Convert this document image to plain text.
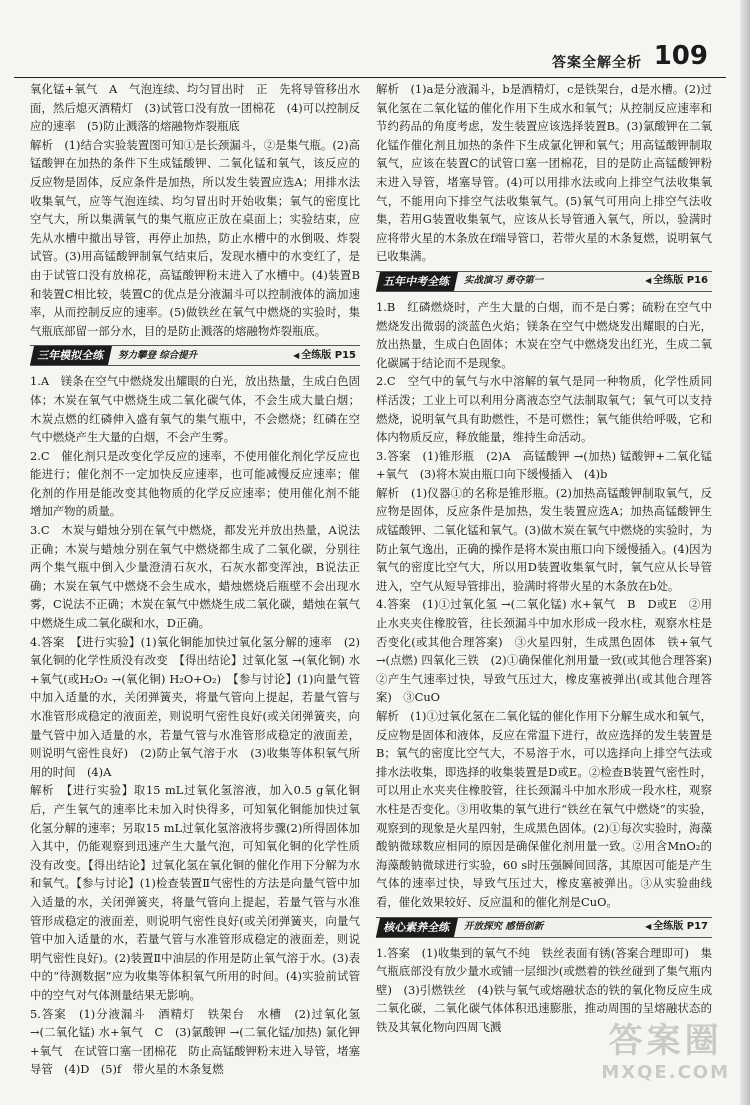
答案全解全析 109

氧化锰+氧气　A　气泡连续、均匀冒出时　正　先将导管移出水面，然后熄灭酒精灯　(3)试管口没有放一团棉花　(4)可以控制反应的速率　(5)防止溅落的熔融物炸裂瓶底

解析　(1)结合实验装置图可知①是长颈漏斗，②是集气瓶。(2)高锰酸钾在加热的条件下生成锰酸钾、二氧化锰和氧气，该反应的反应物是固体，反应条件是加热，所以发生装置应选A；用排水法收集氧气，应等气泡连续、均匀冒出时开始收集；氧气的密度比空气大，所以集满氧气的集气瓶应正放在桌面上；实验结束，应先从水槽中撤出导管，再停止加热，防止水槽中的水倒吸、炸裂试管。(3)用高锰酸钾制氧气结束后，发现水槽中的水变红了，是由于试管口没有放棉花，高锰酸钾粉末进入了水槽中。(4)装置B和装置C相比较，装置C的优点是分液漏斗可以控制液体的滴加速率，从而控制反应的速率。(5)做铁丝在氧气中燃烧的实验时，集气瓶底部留一部分水，目的是防止溅落的熔融物炸裂瓶底。

三年模拟全练	努力攀登 综合提升	◀ 全练版 P15

1.A　镁条在空气中燃烧发出耀眼的白光，放出热量，生成白色固体；木炭在氧气中燃烧生成二氧化碳气体，不会生成大量白烟；木炭点燃的红磷伸入盛有氧气的集气瓶中，不会燃烧；红磷在空气中燃烧产生大量的白烟，不会产生雾。

2.C　催化剂只是改变化学反应的速率，不使用催化剂化学反应也能进行；催化剂不一定加快反应速率，也可能减慢反应速率；催化剂的作用是能改变其他物质的化学反应速率；使用催化剂不能增加产物的质量。

3.C　木炭与蜡烛分别在氧气中燃烧，都发光并放出热量，A说法正确；木炭与蜡烛分别在氧气中燃烧都生成了二氧化碳，分别往两个集气瓶中倒入少量澄清石灰水，石灰水都变浑浊，B说法正确；木炭在氧气中燃烧不会生成水，蜡烛燃烧后瓶壁不会出现水雾，C说法不正确；木炭在氧气中燃烧生成二氧化碳，蜡烛在氧气中燃烧生成二氧化碳和水，D正确。

4.答案　【进行实验】(1)氧化铜能加快过氧化氢分解的速率　(2)氧化铜的化学性质没有改变　【得出结论】过氧化氢 →(氧化铜) 水+氧气(或H₂O₂ →(氧化铜) H₂O+O₂)　【参与讨论】(1)向量气管中加入适量的水，关闭弹簧夹，将量气管向上提起，若量气管与水准管形成稳定的液面差，则说明气密性良好(或关闭弹簧夹，向量气管中加入适量的水，若量气管与水准管形成稳定的液面差，则说明气密性良好)　(2)防止氧气溶于水　(3)收集等体积氧气所用的时间　(4)A

解析　【进行实验】取15 mL过氧化氢溶液，加入0.5 g氧化铜后，产生氧气的速率比未加入时快得多，可知氧化铜能加快过氧化氢分解的速率；另取15 mL过氧化氢溶液将步骤(2)所得固体加入其中，仍能观察到迅速产生大量气泡，可知氧化铜的化学性质没有改变。【得出结论】过氧化氢在氧化铜的催化作用下分解为水和氧气。【参与讨论】(1)检查装置Ⅱ气密性的方法是向量气管中加入适量的水，关闭弹簧夹，将量气管向上提起，若量气管与水准管形成稳定的液面差，则说明气密性良好(或关闭弹簧夹，向量气管中加入适量的水，若量气管与水准管形成稳定的液面差，则说明气密性良好)。(2)装置Ⅱ中油层的作用是防止氧气溶于水。(3)表中的“待测数据”应为收集等体积氧气所用的时间。(4)实验前试管中的空气对气体测量结果无影响。

5.答案　(1)分液漏斗　酒精灯　铁架台　水槽　(2)过氧化氢 →(二氧化锰) 水+氧气　C　(3)氯酸钾 →(二氧化锰/加热) 氯化钾+氧气　在试管口塞一团棉花　防止高锰酸钾粉末进入导管，堵塞导管　(4)D　(5)f　带火星的木条复燃

解析　(1)a是分液漏斗，b是酒精灯，c是铁架台，d是水槽。(2)过氧化氢在二氧化锰的催化作用下生成水和氧气；从控制反应速率和节约药品的角度考虑，发生装置应该选择装置B。(3)氯酸钾在二氧化锰作催化剂且加热的条件下生成氯化钾和氧气；用高锰酸钾制取氧气，应该在装置C的试管口塞一团棉花，目的是防止高锰酸钾粉末进入导管，堵塞导管。(4)可以用排水法或向上排空气法收集氧气，不能用向下排空气法收集氧气。(5)氧气可用向上排空气法收集，若用G装置收集氧气，应该从长导管通入氧气，所以，验满时应将带火星的木条放在f端导管口，若带火星的木条复燃，说明氧气已收集满。

五年中考全练	实战演习 勇夺第一	◀ 全练版 P16

1.B　红磷燃烧时，产生大量的白烟，而不是白雾；硫粉在空气中燃烧发出微弱的淡蓝色火焰；镁条在空气中燃烧发出耀眼的白光，放出热量，生成白色固体；木炭在空气中燃烧发出红光，生成二氧化碳属于结论而不是现象。

2.C　空气中的氧气与水中溶解的氧气是同一种物质，化学性质同样活泼；工业上可以利用分离液态空气法制取氧气；氧气可以支持燃烧，说明氧气具有助燃性，不是可燃性；氧气能供给呼吸，它和体内物质反应，释放能量，维持生命活动。

3.答案　(1)锥形瓶　(2)A　高锰酸钾 →(加热) 锰酸钾+二氧化锰+氧气　(3)将木炭由瓶口向下缓慢插入　(4)b

解析　(1)仪器①的名称是锥形瓶。(2)加热高锰酸钾制取氧气，反应物是固体，反应条件是加热，发生装置应选A；加热高锰酸钾生成锰酸钾、二氧化锰和氧气。(3)做木炭在氧气中燃烧的实验时，为防止氧气逸出，正确的操作是将木炭由瓶口向下缓慢插入。(4)因为氧气的密度比空气大，所以用D装置收集氧气时，氧气应从长导管进入，空气从短导管排出，验满时将带火星的木条放在b处。

4.答案　(1)①过氧化氢 →(二氧化锰) 水+氧气　B　D或E　②用止水夹夹住橡胶管，往长颈漏斗中加水形成一段水柱，观察水柱是否变化(或其他合理答案)　③火星四射，生成黑色固体　铁+氧气 →(点燃) 四氧化三铁　(2)①确保催化剂用量一致(或其他合理答案)　②产生气速率过快，导致气压过大，橡皮塞被弹出(或其他合理答案)　③CuO

解析　(1)①过氧化氢在二氧化锰的催化作用下分解生成水和氧气，反应物是固体和液体，反应在常温下进行，故应选择的发生装置是B；氧气的密度比空气大，不易溶于水，可以选择向上排空气法或排水法收集，即选择的收集装置是D或E。②检查B装置气密性时，可以用止水夹夹住橡胶管，往长颈漏斗中加水形成一段水柱，观察水柱是否变化。③用收集的氧气进行“铁丝在氧气中燃烧”的实验，观察到的现象是火星四射，生成黑色固体。(2)①每次实验时，海藻酸钠微球数应相同的原因是确保催化剂用量一致。②用含MnO₂的海藻酸钠微球进行实验，60 s时压强瞬间回落，其原因可能是产生气体的速率过快，导致气压过大，橡皮塞被弹出。③从实验曲线看，催化效果较好、反应温和的催化剂是CuO。

核心素养全练	开放探究 感悟创新	◀ 全练版 P17

1.答案　(1)收集到的氧气不纯　铁丝表面有锈(答案合理即可)　集气瓶底部没有放少量水或铺一层细沙(或燃着的铁丝碰到了集气瓶内壁)　(3)引燃铁丝　(4)铁与氧气或熔融状态的铁的氧化物反应生成二氧化碳，二氧化碳气体体积迅速膨胀，推动周围的呈熔融状态的铁及其氧化物向四周飞溅	答案圈
MXQE.COM
